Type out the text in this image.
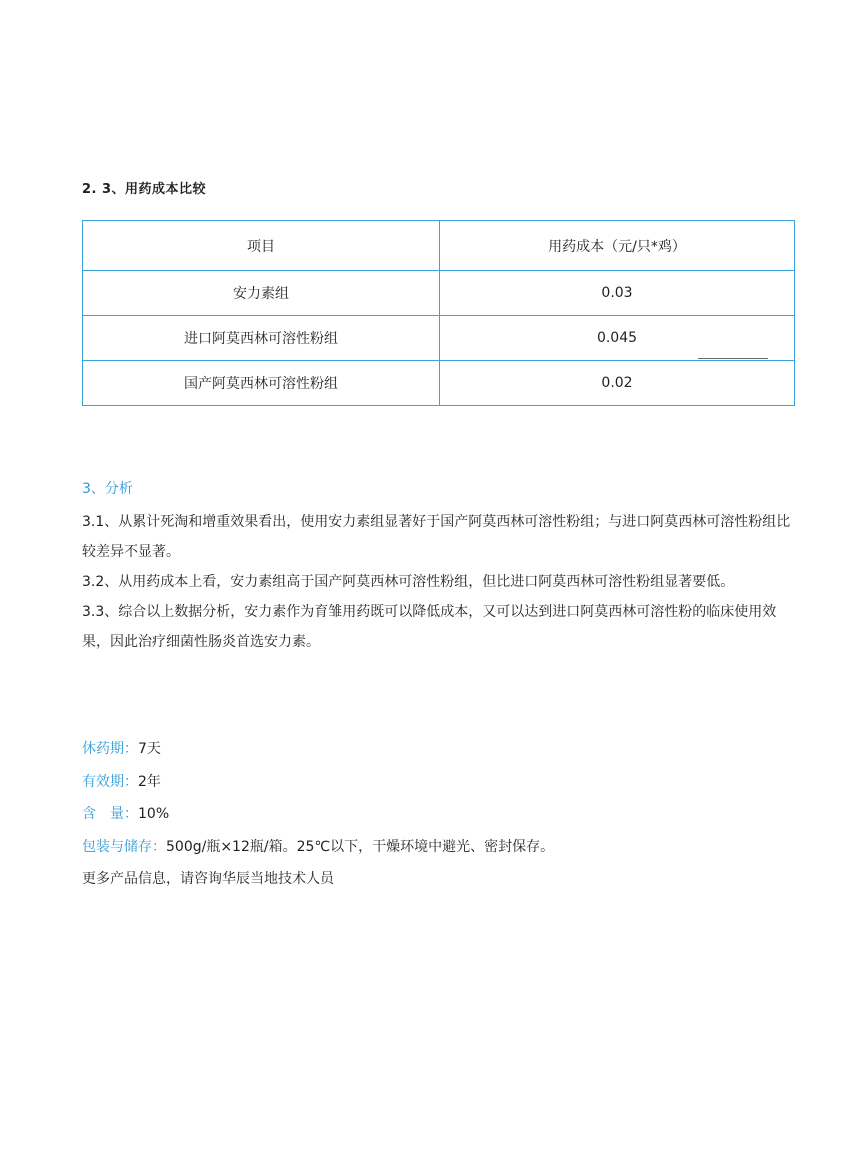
2. 3、用药成本比较
项目	用药成本（元/只*鸡）
安力素组	0.03
进口阿莫西林可溶性粉组	0.045
国产阿莫西林可溶性粉组	0.02
3、分析

3.1、从累计死淘和增重效果看出，使用安力素组显著好于国产阿莫西林可溶性粉组；与进口阿莫西林可溶性粉组比较差异不显著。

3.2、从用药成本上看，安力素组高于国产阿莫西林可溶性粉组，但比进口阿莫西林可溶性粉组显著要低。

3.3、综合以上数据分析，安力素作为育雏用药既可以降低成本，又可以达到进口阿莫西林可溶性粉的临床使用效果，因此治疗细菌性肠炎首选安力素。

休药期：7天
有效期：2年
含　量：10%
包装与储存：500g/瓶×12瓶/箱。25℃以下，干燥环境中避光、密封保存。
更多产品信息，请咨询华辰当地技术人员
